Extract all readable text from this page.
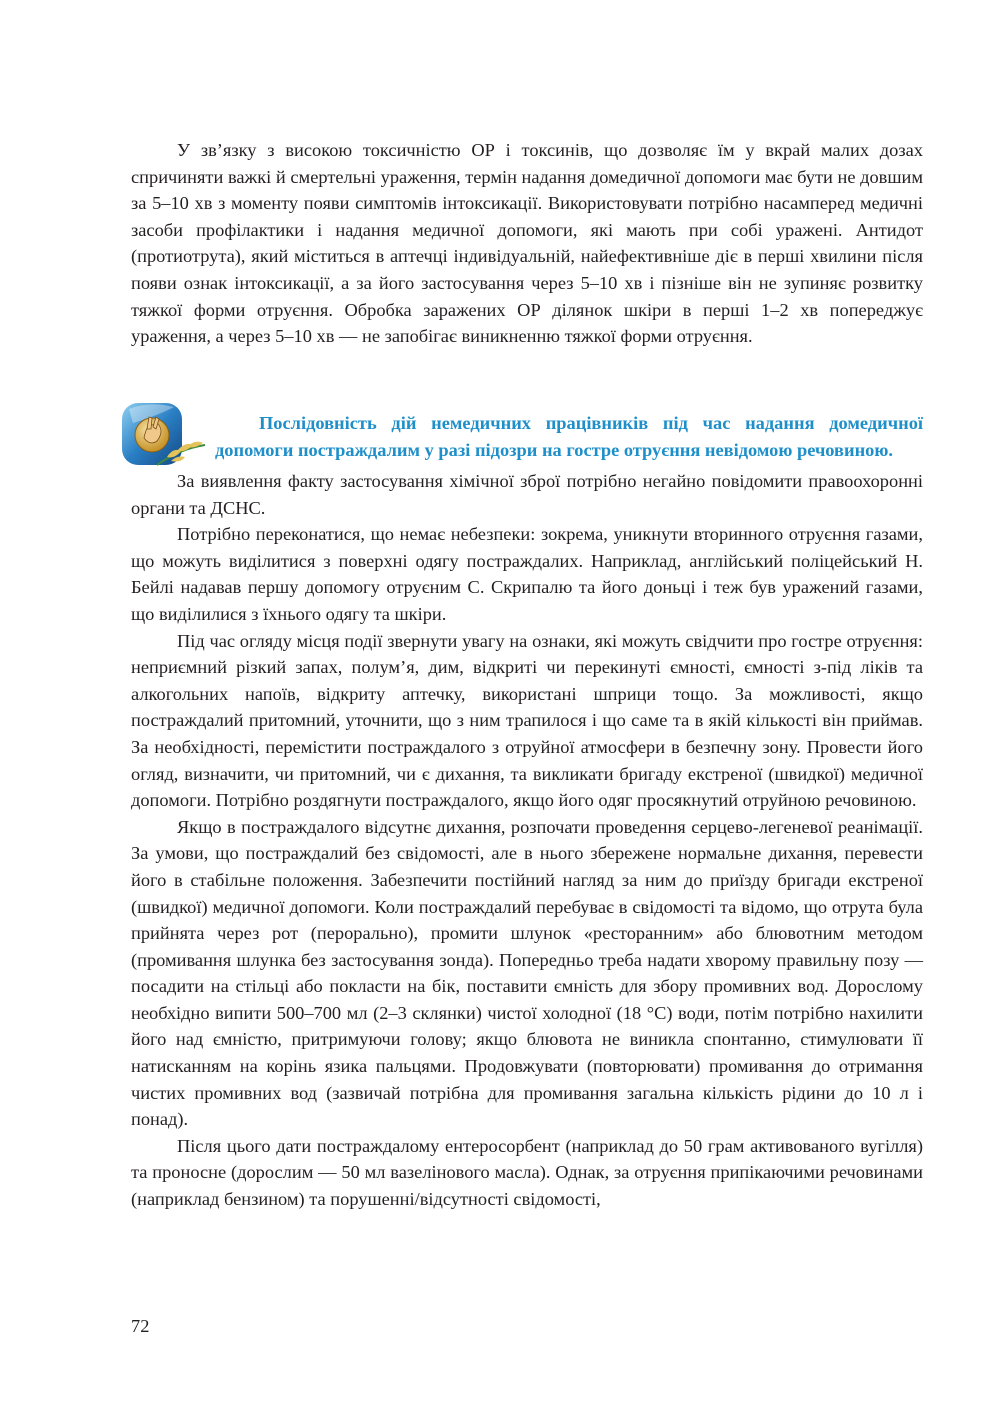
У зв’язку з високою токсичністю ОР і токсинів, що дозволяє їм у вкрай малих дозах спричиняти важкі й смертельні ураження, термін надання домедичної допомоги має бути не довшим за 5–10 хв з моменту появи симптомів інтоксикації. Використовувати потрібно насамперед медичні засоби профілактики і надання медичної допомоги, які мають при собі уражені. Антидот (протиотрута), який міститься в аптечці індивідуальній, найефективніше діє в перші хвилини після появи ознак інтоксикації, а за його застосування через 5–10 хв і пізніше він не зупиняє розвитку тяжкої форми отруєння. Обробка заражених ОР ділянок шкіри в перші 1–2 хв попереджує ураження, а через 5–10 хв — не запобігає виникненню тяжкої форми отруєння.

Послідовність дій немедичних працівників під час надання домедичної допомоги постраждалим у разі підозри на гостре отруєння невідомою речовиною.

За виявлення факту застосування хімічної зброї потрібно негайно повідомити правоохоронні органи та ДСНС.

Потрібно переконатися, що немає небезпеки: зокрема, уникнути вторинного отруєння газами, що можуть виділитися з поверхні одягу постраждалих. Наприклад, англійський поліцейський Н. Бейлі надавав першу допомогу отруєним С. Скрипалю та його доньці і теж був уражений газами, що виділилися з їхнього одягу та шкіри.

Під час огляду місця події звернути увагу на ознаки, які можуть свідчити про гостре отруєння: неприємний різкий запах, полум’я, дим, відкриті чи перекинуті ємності, ємності з-під ліків та алкогольних напоїв, відкриту аптечку, використані шприци тощо. За можливості, якщо постраждалий притомний, уточнити, що з ним трапилося і що саме та в якій кількості він приймав. За необхідності, перемістити постраждалого з отруйної атмосфери в безпечну зону. Провести його огляд, визначити, чи притомний, чи є дихання, та викликати бригаду екстреної (швидкої) медичної допомоги. Потрібно роздягнути постраждалого, якщо його одяг просякнутий отруйною речовиною.

Якщо в постраждалого відсутнє дихання, розпочати проведення серцево-легеневої реанімації. За умови, що постраждалий без свідомості, але в нього збережене нормальне дихання, перевести його в стабільне положення. Забезпечити постійний нагляд за ним до приїзду бригади екстреної (швидкої) медичної допомоги. Коли постраждалий перебуває в свідомості та відомо, що отрута була прийнята через рот (перорально), промити шлунок «ресторанним» або блювотним методом (промивання шлунка без застосування зонда). Попередньо треба надати хворому правильну позу — посадити на стільці або покласти на бік, поставити ємність для збору промивних вод. Дорослому необхідно випити 500–700 мл (2–3 склянки) чистої холодної (18 °C) води, потім потрібно нахилити його над ємністю, притримуючи голову; якщо блювота не виникла спонтанно, стимулювати її натисканням на корінь язика пальцями. Продовжувати (повторювати) промивання до отримання чистих промивних вод (зазвичай потрібна для промивання загальна кількість рідини до 10 л і понад).

Після цього дати постраждалому ентеросорбент (наприклад до 50 грам активованого вугілля) та проносне (дорослим — 50 мл вазелінового масла). Однак, за отруєння припікаючими речовинами (наприклад бензином) та порушенні/відсутності свідомості,

72
